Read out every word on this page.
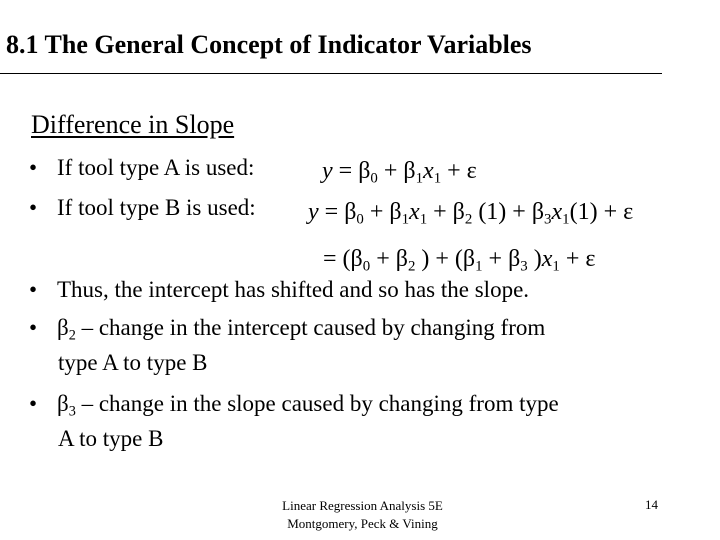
8.1 The General Concept of Indicator Variables
Difference in Slope
• If tool type A is used:	$y = \beta_0 + \beta_1x_1 + \varepsilon$
• If tool type B is used: $y = \beta_0 + \beta_1x_1 + \beta_2$ $(1) + \beta_3x_1(1) + \varepsilon$
= ($\beta_0 + \beta_2$ ) + ($\beta_1 + \beta_3$ )$x_1 + \varepsilon$
• Thus, the intercept has shifted and so has the slope.
• $\beta_2$ – change in the intercept caused by changing from
type A to type B
• $\beta_3$ – change in the slope caused by changing from type
A to type B
Linear Regression Analysis 5E
Montgomery, Peck & Vining
14
